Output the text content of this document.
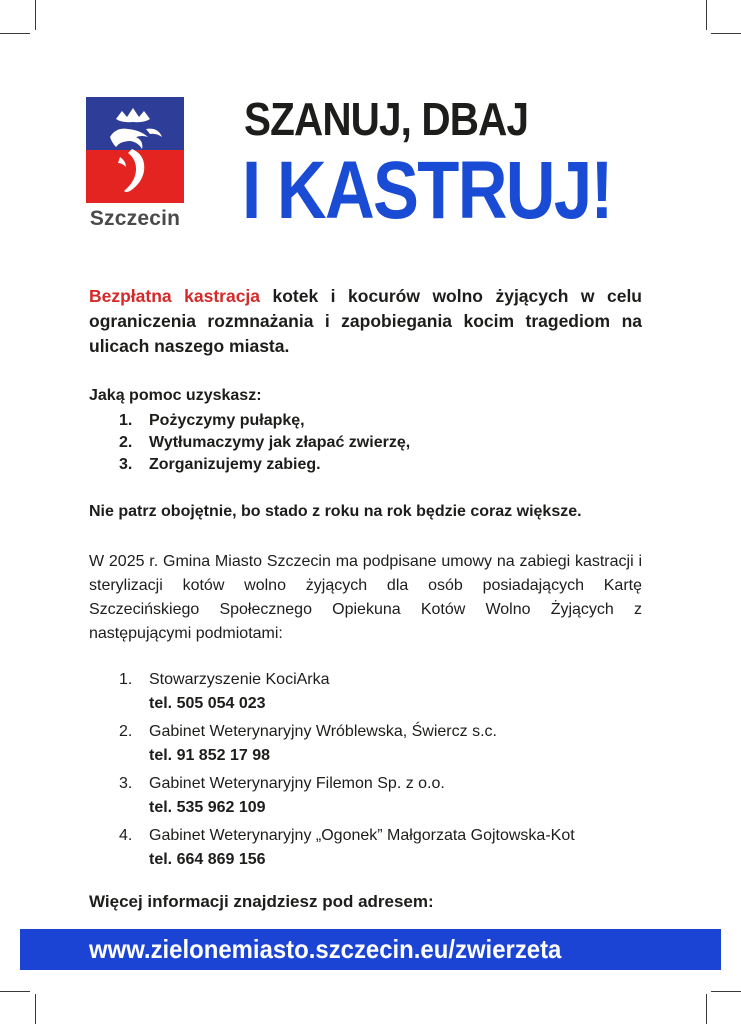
Szczecin
SZANUJ, DBAJ
I KASTRUJ!

Bezpłatna kastracja kotek i kocurów wolno żyjących w celu ograniczenia rozmnażania i zapobiegania kocim tragediom na ulicach naszego miasta.

Jaką pomoc uzyskasz:

1.	Pożyczymy pułapkę,
2.	Wytłumaczymy jak złapać zwierzę,
3.	Zorganizujemy zabieg.

Nie patrz obojętnie, bo stado z roku na rok będzie coraz większe.

W 2025 r. Gmina Miasto Szczecin ma podpisane umowy na zabiegi kastracji i sterylizacji kotów wolno żyjących dla osób posiadających Kartę Szczecińskiego Społecznego Opiekuna Kotów Wolno Żyjących z następującymi podmiotami:

1.	Stowarzyszenie KociArka
tel. 505 054 023
2.	Gabinet Weterynaryjny Wróblewska, Świercz s.c.
tel. 91 852 17 98
3.	Gabinet Weterynaryjny Filemon Sp. z o.o.
tel. 535 962 109
4.	Gabinet Weterynaryjny „Ogonek” Małgorzata Gojtowska-Kot
tel. 664 869 156
Więcej informacji znajdziesz pod adresem:
www.zielonemiasto.szczecin.eu/zwierzeta
